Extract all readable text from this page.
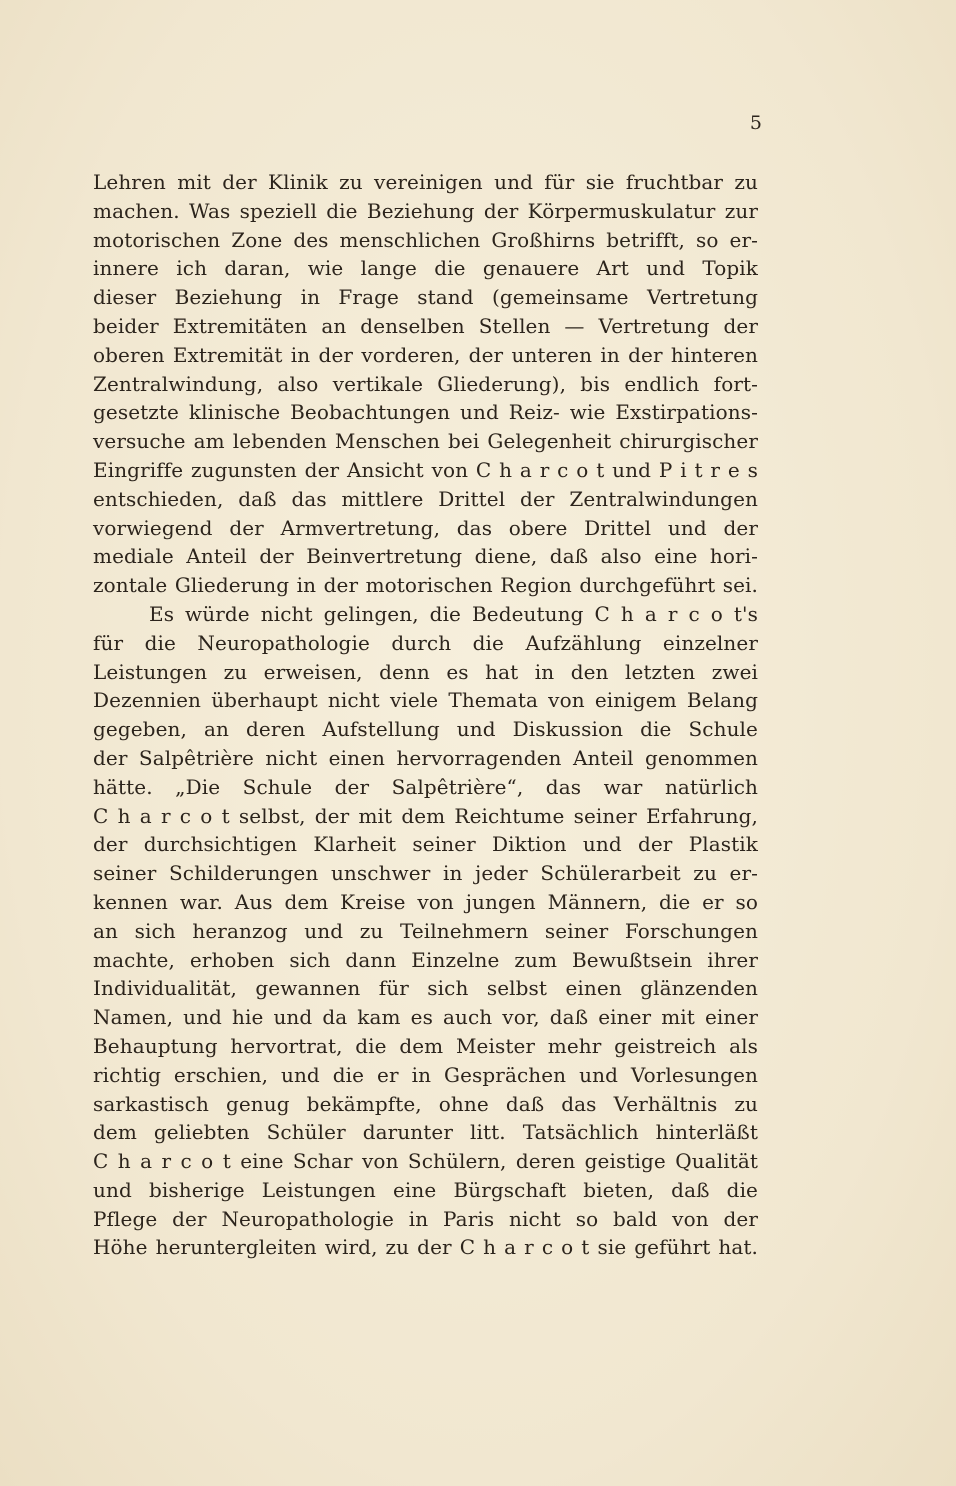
5
Lehren mit der Klinik zu vereinigen und für sie fruchtbar zu
machen. Was speziell die Beziehung der Körpermuskulatur zur
motorischen Zone des menschlichen Großhirns betrifft, so er-
innere ich daran, wie lange die genauere Art und Topik
dieser Beziehung in Frage stand (gemeinsame Vertretung
beider Extremitäten an denselben Stellen — Vertretung der
oberen Extremität in der vorderen, der unteren in der hinteren
Zentralwindung, also vertikale Gliederung), bis endlich fort-
gesetzte klinische Beobachtungen und Reiz- wie Exstirpations-
versuche am lebenden Menschen bei Gelegenheit chirurgischer
Eingriffe zugunsten der Ansicht von C h a r c o t und P i t r e s
entschieden, daß das mittlere Drittel der Zentralwindungen
vorwiegend der Armvertretung, das obere Drittel und der
mediale Anteil der Beinvertretung diene, daß also eine hori-
zontale Gliederung in der motorischen Region durchgeführt sei.
Es würde nicht gelingen, die Bedeutung C h a r c o t's
für die Neuropathologie durch die Aufzählung einzelner
Leistungen zu erweisen, denn es hat in den letzten zwei
Dezennien überhaupt nicht viele Themata von einigem Belang
gegeben, an deren Aufstellung und Diskussion die Schule
der Salpêtrière nicht einen hervorragenden Anteil genommen
hätte. „Die Schule der Salpêtrière“, das war natürlich
C h a r c o t selbst, der mit dem Reichtume seiner Erfahrung,
der durchsichtigen Klarheit seiner Diktion und der Plastik
seiner Schilderungen unschwer in jeder Schülerarbeit zu er-
kennen war. Aus dem Kreise von jungen Männern, die er so
an sich heranzog und zu Teilnehmern seiner Forschungen
machte, erhoben sich dann Einzelne zum Bewußtsein ihrer
Individualität, gewannen für sich selbst einen glänzenden
Namen, und hie und da kam es auch vor, daß einer mit einer
Behauptung hervortrat, die dem Meister mehr geistreich als
richtig erschien, und die er in Gesprächen und Vorlesungen
sarkastisch genug bekämpfte, ohne daß das Verhältnis zu
dem geliebten Schüler darunter litt. Tatsächlich hinterläßt
C h a r c o t eine Schar von Schülern, deren geistige Qualität
und bisherige Leistungen eine Bürgschaft bieten, daß die
Pflege der Neuropathologie in Paris nicht so bald von der
Höhe heruntergleiten wird, zu der C h a r c o t sie geführt hat.
